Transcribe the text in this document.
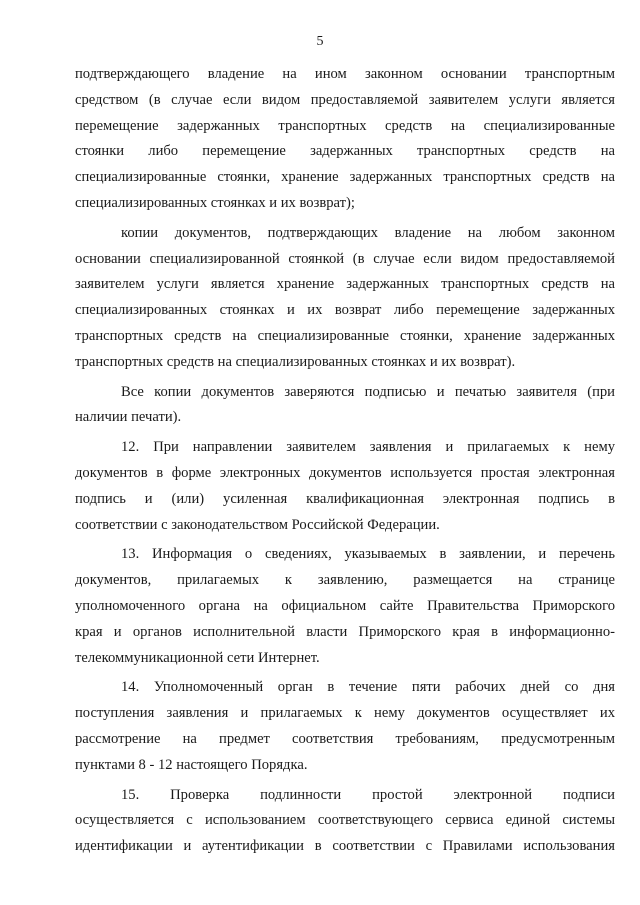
5
подтверждающего владение на ином законном основании транспортным
средством (в случае если видом предоставляемой заявителем услуги является
перемещение задержанных транспортных средств на специализированные
стоянки либо перемещение задержанных транспортных средств на
специализированные стоянки, хранение задержанных транспортных средств на
специализированных стоянках и их возврат);
копии документов, подтверждающих владение на любом законном
основании специализированной стоянкой (в случае если видом предоставляемой
заявителем услуги является хранение задержанных транспортных средств на
специализированных стоянках и их возврат либо перемещение задержанных
транспортных средств на специализированные стоянки, хранение задержанных
транспортных средств на специализированных стоянках и их возврат).
Все копии документов заверяются подписью и печатью заявителя (при
наличии печати).
12. При направлении заявителем заявления и прилагаемых к нему
документов в форме электронных документов используется простая электронная
подпись и (или) усиленная квалификационная электронная подпись в
соответствии с законодательством Российской Федерации.
13. Информация о сведениях, указываемых в заявлении, и перечень
документов, прилагаемых к заявлению, размещается на странице
уполномоченного органа на официальном сайте Правительства Приморского
края и органов исполнительной власти Приморского края в информационно-
телекоммуникационной сети Интернет.
14. Уполномоченный орган в течение пяти рабочих дней со дня
поступления заявления и прилагаемых к нему документов осуществляет их
рассмотрение на предмет соответствия требованиям, предусмотренным
пунктами 8 - 12 настоящего Порядка.
15. Проверка подлинности простой электронной подписи
осуществляется с использованием соответствующего сервиса единой системы
идентификации и аутентификации в соответствии с Правилами использования
